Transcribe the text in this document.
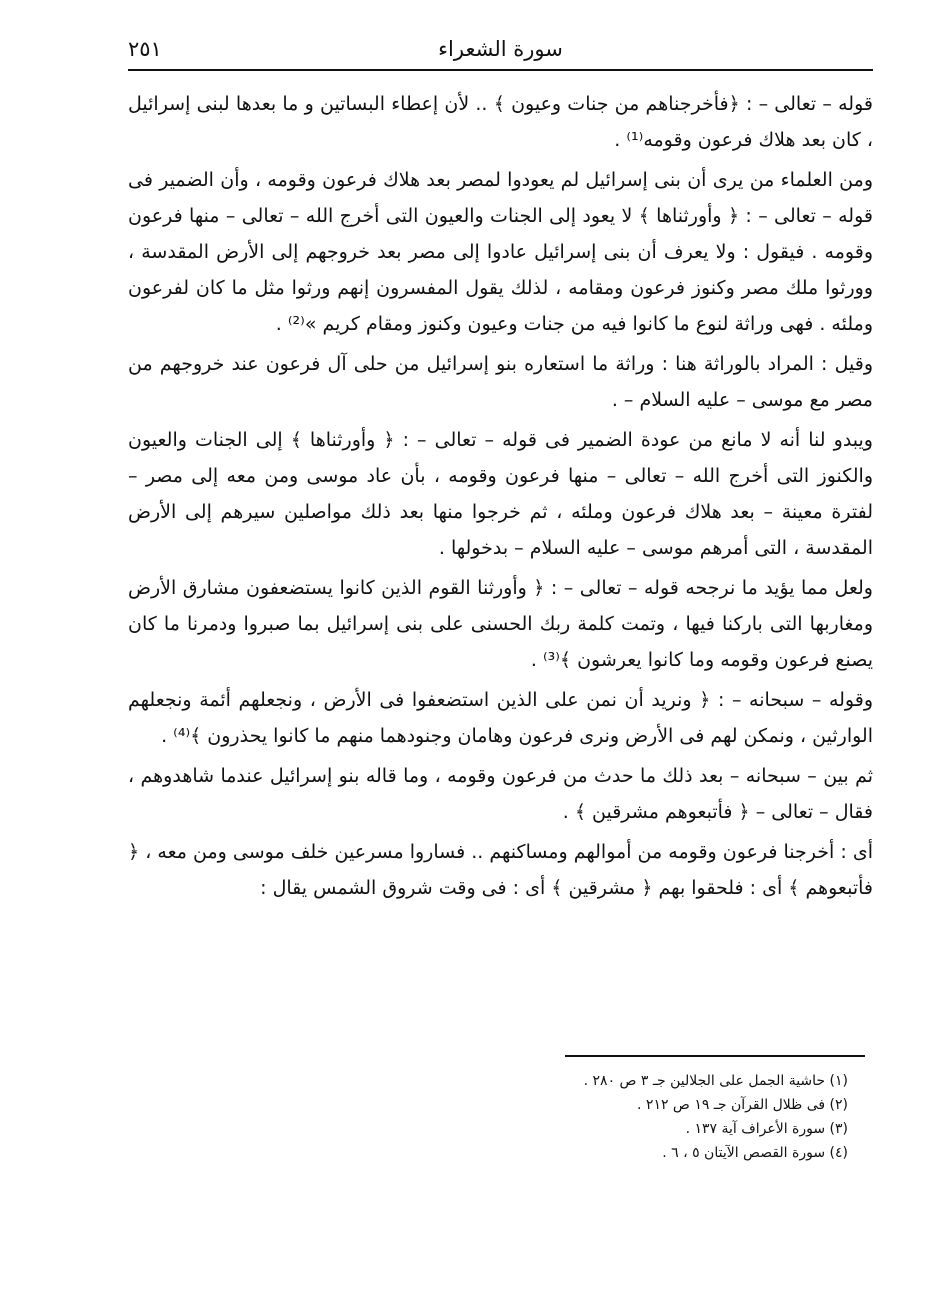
سورة الشعراء
٢٥١

قوله – تعالى – : ﴿فأخرجناهم من جنات وعيون ﴾ .. لأن إعطاء البساتين و ما بعدها لبنى إسرائيل ، كان بعد هلاك فرعون وقومه⁽¹⁾ .

ومن العلماء من يرى أن بنى إسرائيل لم يعودوا لمصر بعد هلاك فرعون وقومه ، وأن الضمير فى قوله – تعالى – : ﴿ وأورثناها ﴾ لا يعود إلى الجنات والعيون التى أخرج الله – تعالى – منها فرعون وقومه . فيقول : ولا يعرف أن بنى إسرائيل عادوا إلى مصر بعد خروجهم إلى الأرض المقدسة ، وورثوا ملك مصر وكنوز فرعون ومقامه ، لذلك يقول المفسرون إنهم ورثوا مثل ما كان لفرعون وملئه . فهى وراثة لنوع ما كانوا فيه من جنات وعيون وكنوز ومقام كريم »⁽²⁾ .

وقيل : المراد بالوراثة هنا : وراثة ما استعاره بنو إسرائيل من حلى آل فرعون عند خروجهم من مصر مع موسى – عليه السلام – .

ويبدو لنا أنه لا مانع من عودة الضمير فى قوله – تعالى – : ﴿ وأورثناها ﴾ إلى الجنات والعيون والكنوز التى أخرج الله – تعالى – منها فرعون وقومه ، بأن عاد موسى ومن معه إلى مصر – لفترة معينة – بعد هلاك فرعون وملئه ، ثم خرجوا منها بعد ذلك مواصلين سيرهم إلى الأرض المقدسة ، التى أمرهم موسى – عليه السلام – بدخولها .

ولعل مما يؤيد ما نرجحه قوله – تعالى – : ﴿ وأورثنا القوم الذين كانوا يستضعفون مشارق الأرض ومغاربها التى باركنا فيها ، وتمت كلمة ربك الحسنى على بنى إسرائيل بما صبروا ودمرنا ما كان يصنع فرعون وقومه وما كانوا يعرشون ﴾⁽³⁾ .

وقوله – سبحانه – : ﴿ ونريد أن نمن على الذين استضعفوا فى الأرض ، ونجعلهم أئمة ونجعلهم الوارثين ، ونمكن لهم فى الأرض ونرى فرعون وهامان وجنودهما منهم ما كانوا يحذرون ﴾⁽⁴⁾ .

ثم بين – سبحانه – بعد ذلك ما حدث من فرعون وقومه ، وما قاله بنو إسرائيل عندما شاهدوهم ، فقال – تعالى – ﴿ فأتبعوهم مشرقين ﴾ .

أى : أخرجنا فرعون وقومه من أموالهم ومساكنهم .. فساروا مسرعين خلف موسى ومن معه ، ﴿ فأتبعوهم ﴾ أى : فلحقوا بهم ﴿ مشرقين ﴾ أى : فى وقت شروق الشمس يقال :

(١) حاشية الجمل على الجلالين جـ ٣ ص ٢٨٠ .

(٢) فى ظلال القرآن جـ ١٩ ص ٢١٢ .

(٣) سورة الأعراف آية ١٣٧ .

(٤) سورة القصص الآيتان ٥ ، ٦ .
